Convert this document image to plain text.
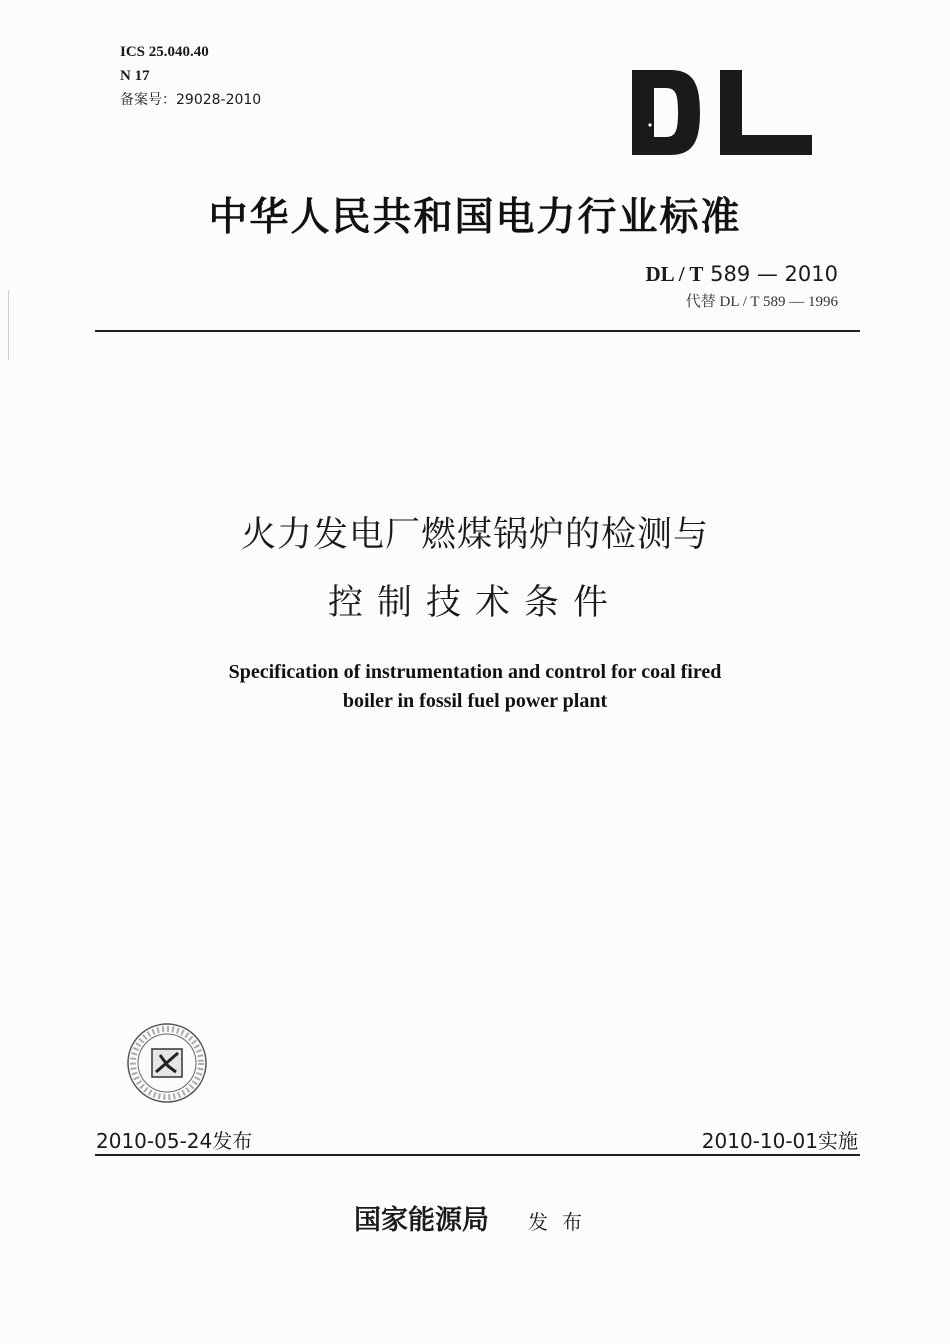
ICS 25.040.40
N 17
备案号：29028-2010
中华人民共和国电力行业标准
DL / T 589 — 2010
代替 DL / T 589 — 1996
火力发电厂燃煤锅炉的检测与
控制技术条件
Specification of instrumentation and control for coal fired
boiler in fossil fuel power plant
2010-05-24发布	2010-10-01实施
国家能源局 发布
